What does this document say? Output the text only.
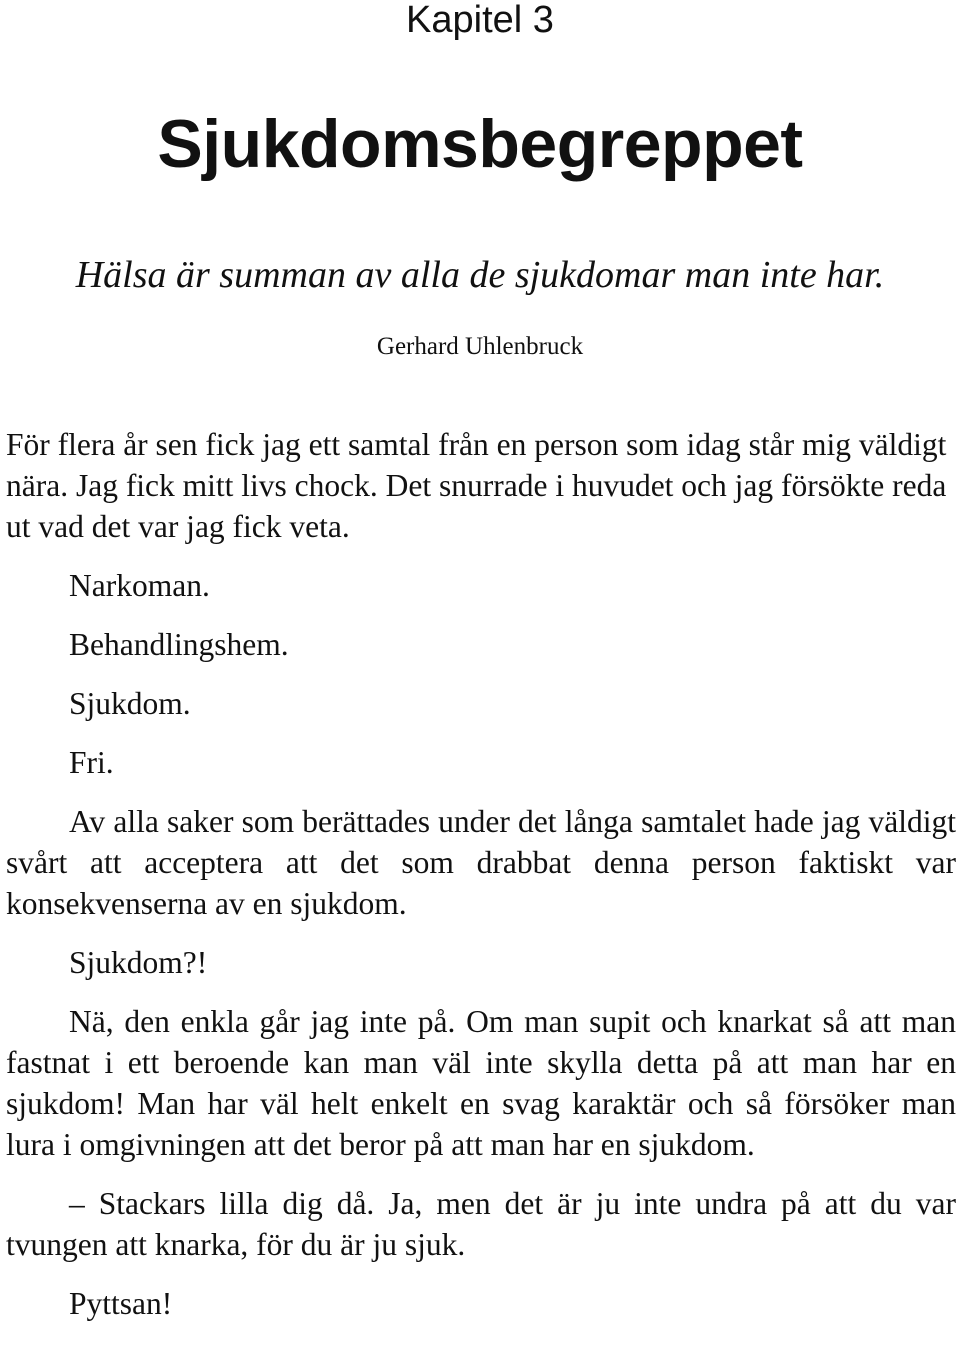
Kapitel 3
Sjukdomsbegreppet
Hälsa är summan av alla de sjukdomar man inte har.
Gerhard Uhlenbruck

För flera år sen fick jag ett samtal från en person som idag står mig väldigt nära. Jag fick mitt livs chock. Det snurrade i huvudet och jag försökte reda ut vad det var jag fick veta.

Narkoman.

Behandlingshem.

Sjukdom.

Fri.

Av alla saker som berättades under det långa samtalet hade jag väldigt svårt att acceptera att det som drabbat denna person faktiskt var konsekvenserna av en sjukdom.

Sjukdom?!

Nä, den enkla går jag inte på. Om man supit och knarkat så att man fastnat i ett beroende kan man väl inte skylla detta på att man har en sjukdom! Man har väl helt enkelt en svag karaktär och så försöker man lura i omgivningen att det beror på att man har en sjukdom.

– Stackars lilla dig då. Ja, men det är ju inte undra på att du var tvungen att knarka, för du är ju sjuk.

Pyttsan!
